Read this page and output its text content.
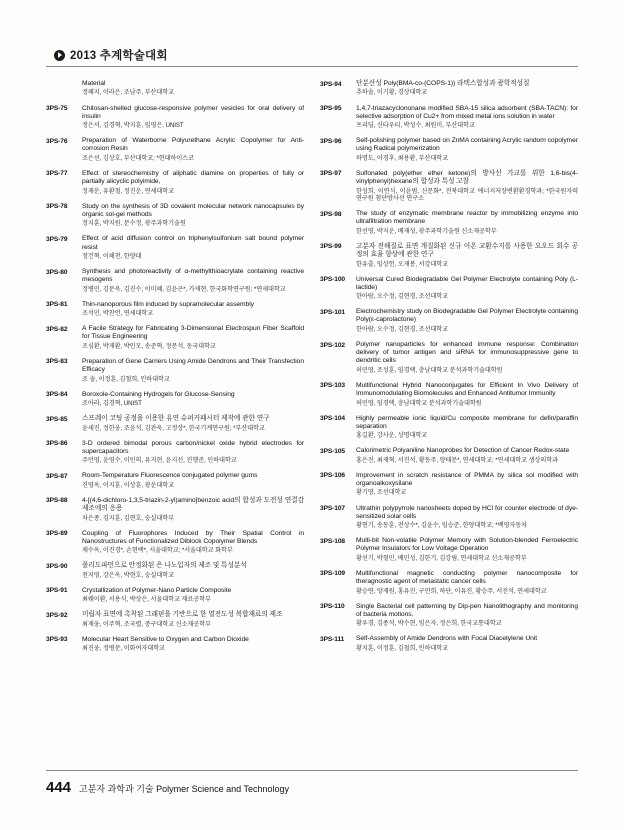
2013 추계학술대회

Material

정혜지, 이라은, 조남주, 부산대학교

3PS-75	Chitosan-shelled glucose-responsive polymer vesicles for oral delivery of insulin

정은서, 김경혁, 박지훈, 임영은, UNIST

3PS-76	Preparation of Waterborne Polyurethane Acrylic Copolymer for Anti-corrosion Resin

조은선, 김상호, 부산대학교; *현대하이스코

3PS-77	Effect of stereochemistry of aliphatic diamine on properties of fully or partially alicyclic polyimide,

정재운, 유환철, 정진운, 연세대학교

3PS-78	Study on the synthesis of 3D covalent molecular network nanocapsules by organic sol-gel methods

정지훈, 박지원, 문수정, 광주과학기술원

3PS-79	Effect of acid diffusion control on triphenylsulfonium salt bound polymer resist

정건혁, 이해천, 한양대

3PS-80	Synthesis and photoreactivity of α-methylthioacrylate containing reactive mesogens

정병민, 김문욱, 김진수, 이미혜, 김윤곤*, 가재현, 한국화학연구원; *연세대학교

3PS-81	Thin-nanoporous film induced by supramolecular assembly

조석민, 박찬언, 연세대학교

3PS-82	A Facile Strategy for Fabricating 3-Dimensional Electrospun Fiber Scaffold for Tissue Engineering

조심환, 박재환, 박민모, 송준혁, 정문석, 동국대학교

3PS-83	Preparation of Gene Carriers Using Amide Dendrons and Their Transfection Efficacy

조 솔, 이정훈, 김철희, 인하대학교

3PS-84	Boroxole-Containing Hydrogels for Glucose-Sensing

조아라, 김경혁, UNIST

3PS-85	스프레이 코팅 공정을 이용한 유연 슈퍼커패시터 제작에 관한 연구

윤세진, 정한웅, 조윤석, 김관욱, 고정상*, 한국기계연구원; *부산대학교

3PS-86	3-D ordered bimodal porous carbon/nickel oxide hybrid electrodes for supercapacitors

주민영, 윤영수, 이민의, 유지현, 윤지선, 진행준, 인하대학교

3PS-87	Room-Temperature Fluorescence conjugated polymer gums

진영옥, 이지훈, 이상훈, 광운대학교

3PS-88	4-[(4,6-dichloro-1,3,5-triazin-2-yl)amino]benzoic acid의 합성과 도전성 연결감 제조에의 응용

차은종, 김지훈, 김현호, 숭실대학부

3PS-89	Coupling of Fluorophores Induced by Their Spatial Control in Nanostructures of Functionalized Diblock Copolymer Blends

채수옥, 이진경*, 손현택*, 서울대학교; *서울대학교 화학부

3PS-90	폴리도파민으로 안정화된 은 나노입자의 제조 및 특성분석

천지영, 강은옥, 박현호, 숭실대학교

3PS-91	Crystallization of Polymer-Nano Particle Composite

최웨이환, 서용식, 박상은, 서울대학교 재료공학부

3PS-92	미립자 표면에 촉착된 그래핀을 기반으로 한 열전도성 복합재료의 제조

최재웅, 이주혁, 조국렬, 중구대학교 신소재공학부

3PS-93	Molecular Heart Sensitive to Oxygen and Carbon Dioxide

최진웅, 정병문, 이화여자대학교

3PS-94	단분산성 Poly(BMA-co-(COPS-1)) 라텍스합성과 광학적성질

추하솔, 이기황, 경상대학교

3PS-95	1,4,7-triazacyclononane modified SBA-15 silica adsorbent (SBA-TACN): for selective adsorption of Cu2+ from mixed metal ions solution in water

프리딤, 신타우티, 박성수, 최원미, 부산대학교

3PS-96	Self-polishing polymer based on ZnMA containing Acrylic random copolymer using Radical polymerization

하명도, 이경후, 최용환, 부산대학교

3PS-97	Sulfonated poly(ether ether ketone)의 방사선 가교를 위한 1,6-bis(4-vinylphenyl)hexane의 합성과 특성 고찰

한성희, 이연식, 이윤범, 신문화*, 전북대학교 에너지저장변환환경학과; *한국원자력연구원 첨단방사선 연구소

3PS-98	The study of enzymatic membrane reactor by immobilizing enzyme into ultrafiltration membrane

한선영, 박지운, 배재성, 광주과학기술원 신소재공학부

3PS-99	고분자 전해질로 표면 개질화된 신규 이온 교환수지를 사용한 요오드 회수 공정의 효율 향상에 관한 연구

한유출, 임상헌, 오재봉, 서강대학교

3PS-100	Universal Cured Biodegradable Gel Polymer Electrolyte containing Poly (L-lactide)

한아람, 오수정, 김현경, 조선대학교

3PS-101	Electrochemistry study on Biodegradable Gel Polymer Electrolyte containing Poly(ε-caprolactone)

한아람, 오수정, 김현경, 조선대학교

3PS-102	Polymer nanoparticles for enhanced immune response: Combination delivery of tumor antigen and siRNA for immunosuppressive gene to dendritic cells

허민영, 조성훈, 임경택, 충남대학교 분석과학기술대학원

3PS-103	Multifunctional Hybrid Nanoconjugates for Efficient In Vivo Delivery of Immunomodulating Biomolecules and Enhanced Antitumor Immunity

허민영, 임경택, 충남대학교 분석과학기술대학원

3PS-104	Highly permeable ionic liquid/Cu composite membrane for defin/paraffin separation

홍길환, 강사운, 상명대학교

3PS-105	Calorimetric Polyaniline Nanoprobes for Detection of Cancer Redox-state

홍은진, 최재혁, 서진석, 황동주, 양태문*, 연세대학교; *연세대학교 생상의학과

3PS-106	Improvement in scratch resistance of PMMA by silica sol modified with organoalkoxysilane

황기영, 조선대학교

3PS-107	Ultrathin polypyrrole nanosheets doped by HCl for counter electrode of dye-sensitized solar cells

황현기, 송동훈, 전상수*, 김윤수, 임승준, 한양대학교; *백영자동차

3PS-108	Multi-bit Non-volatile Polymer Memory with Solution-blended Ferroelectric Polymer Insulators for Low Voltage Operation

황선기, 박철민, 배민성, 김한기, 김강림, 연세대학교 신소재공학부

3PS-109	Multifunctional magnetic conducting polymer nanocomposite for theragnostic agent of metastatic cancer cells

황승연, 양재원, 홍유진, 구민희, 하단, 이유진, 황승주, 서진석, 연세대학교

3PS-110	Single Bacterial cell patterning by Dip-pen Nanolithography and monitoring of bacteria motions,

황우경, 김종석, 박수현, 임은자, 정은희, 한국교통대학교

3PS-111	Self-Assembly of Amide Dendrons with Focal Diacetylene Unit

황지훈, 이정훈, 김철희, 인하대학교

444 고분자 과학과 기술 Polymer Science and Technology
